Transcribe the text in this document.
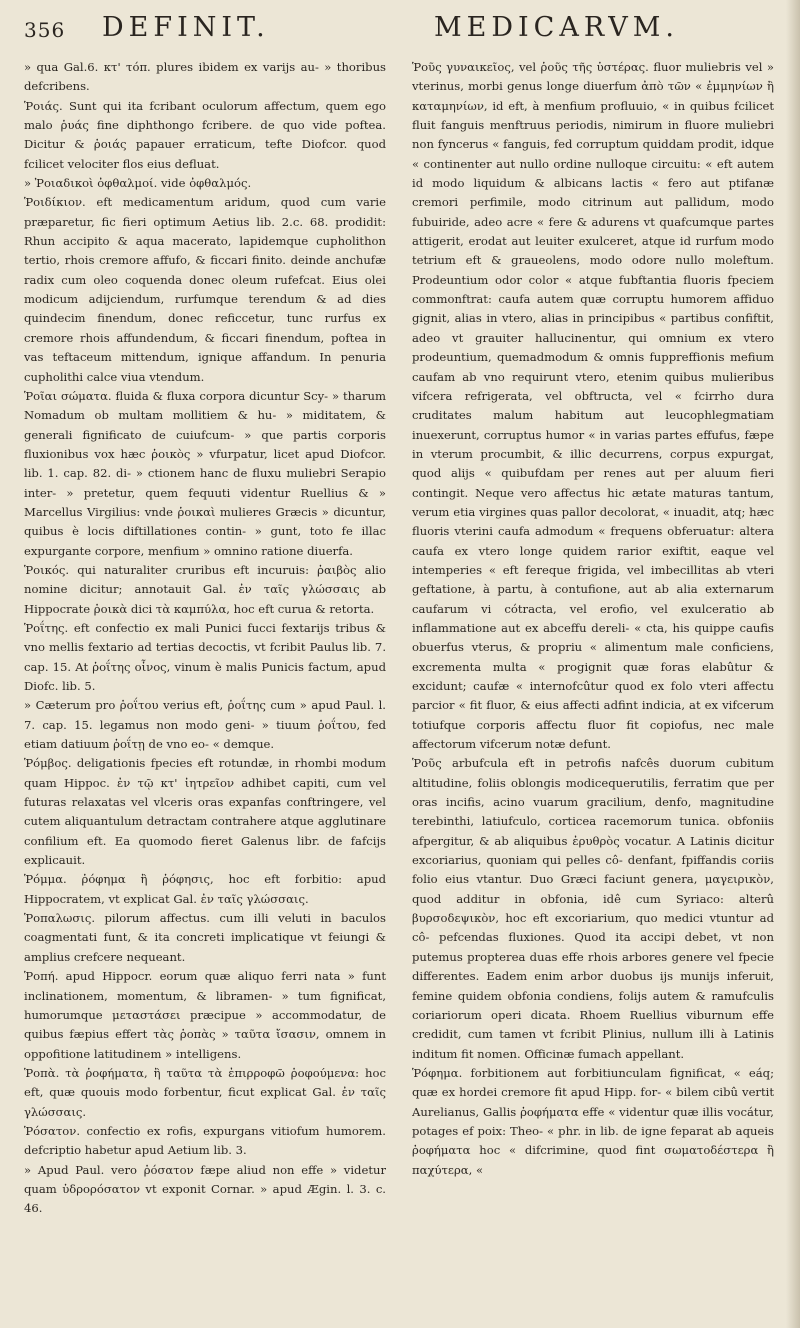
356 DEFINIT.	MEDICARVM.

» qua Gal.6. κτ' τόπ. plures ibidem ex varijs au- » thoribus defcribens.

Ῥοιάς. Sunt qui ita fcribant oculorum affectum, quem ego malo ῥυάς fine diphthongo fcribere. de quo vide poftea. Dicitur & ῥοιάς papauer erraticum, tefte Diofcor. quod fcilicet velociter flos eius defluat.

» Ῥοιαδικοὶ ὀφθαλμοί. vide ὀφθαλμός.

Ῥοιδίκιον. eft medicamentum aridum, quod cum varie præparetur, fic fieri optimum Aetius lib. 2.c. 68. prodidit: Rhun accipito & aqua macerato, lapidemque cupholithon tertio, rhois cremore affufo, & ficcari finito. deinde anchufæ radix cum oleo coquenda donec oleum rufefcat. Eius olei modicum adijciendum, rurfumque terendum & ad dies quindecim finendum, donec reficcetur, tunc rurfus ex cremore rhois affundendum, & ficcari finendum, poftea in vas teftaceum mittendum, ignique affandum. In penuria cupholithi calce viua vtendum.

Ῥοῖαι σώματα. fluida & fluxa corpora dicuntur Scy- » tharum Nomadum ob multam mollitiem & hu- » miditatem, & generali fignificato de cuiufcum- » que partis corporis fluxionibus vox hæc ῥοικὸς » vfurpatur, licet apud Diofcor. lib. 1. cap. 82. di- » ctionem hanc de fluxu muliebri Serapio inter- » pretetur, quem fequuti videntur Ruellius & » Marcellus Virgilius: vnde ῥοικαὶ mulieres Græcis » dicuntur, quibus è locis diftillationes contin- » gunt, toto fe illac expurgante corpore, menfium » omnino ratione diuerfa.

Ῥοικός. qui naturaliter cruribus eft incuruis: ῥαιβὸς alio nomine dicitur; annotauit Gal. ἐν ταῖς γλώσσαις ab Hippocrate ῥοικὰ dici τὰ καμπύλα, hoc eft curua & retorta.

Ῥοΐτης. eft confectio ex mali Punici fucci fextarijs tribus & vno mellis fextario ad tertias decoctis, vt fcribit Paulus lib. 7. cap. 15. At ῥοΐτης οἶνος, vinum è malis Punicis factum, apud Diofc. lib. 5.

» Cæterum pro ῥοΐτου verius eft, ῥοΐτης cum » apud Paul. l. 7. cap. 15. legamus non modo geni- » tiuum ῥοΐτου, fed etiam datiuum ῥοΐτῃ de vno eo- « demque.

Ῥόμβος. deligationis fpecies eft rotundæ, in rhombi modum quam Hippoc. ἐν τῷ κτ' ἰητρεῖον adhibet capiti, cum vel futuras relaxatas vel vlceris oras expanfas conftringere, vel cutem aliquantulum detractam contrahere atque agglutinare confilium eft. Ea quomodo fieret Galenus libr. de fafcijs explicauit.

Ῥόμμα. ῥόφημα ἢ ῥόφησις, hoc eft forbitio: apud Hippocratem, vt explicat Gal. ἐν ταῖς γλώσσαις.

Ῥοπαλωσις. pilorum affectus. cum illi veluti in baculos coagmentati funt, & ita concreti implicatique vt feiungi & amplius crefcere nequeant.

Ῥοπή. apud Hippocr. eorum quæ aliquo ferri nata » funt inclinationem, momentum, & libramen- » tum fignificat, humorumque μεταστάσει præcipue » accommodatur, de quibus fæpius effert τὰς ῥοπὰς » ταῦτα ἴσασιν, omnem in oppofitione latitudinem » intelligens.

Ῥοπὰ. τὰ ῥοφήματα, ἢ ταῦτα τὰ ἐπιρροφῶ ῥοφούμενα: hoc eft, quæ quouis modo forbentur, ficut explicat Gal. ἐν ταῖς γλώσσαις.

Ῥόσατον. confectio ex rofis, expurgans vitiofum humorem. defcriptio habetur apud Aetium lib. 3.

» Apud Paul. vero ῥόσατον fæpe aliud non effe » videtur quam ὑδρορόσατον vt exponit Cornar. » apud Ægin. l. 3. c. 46.

Ῥοῦς γυναικεῖος, vel ῥοῦς τῆς ὑστέρας. fluor muliebris vel » vterinus, morbi genus longe diuerfum ἀπὸ τῶν « ἐμμηνίων ἢ καταμηνίων, id eft, à menfium profluuio, « in quibus fcilicet fluit fanguis menftruus periodis, nimirum in fluore muliebri non fyncerus « fanguis, fed corruptum quiddam prodit, idque « continenter aut nullo ordine nulloque circuitu: « eft autem id modo liquidum & albicans lactis « fero aut ptifanæ cremori perfimile, modo citrinum aut pallidum, modo fubuiride, adeo acre « fere & adurens vt quafcumque partes attigerit, erodat aut leuiter exulceret, atque id rurfum modo tetrium eft & graueolens, modo odore nullo moleftum. Prodeuntium odor color « atque fubftantia fluoris fpeciem commonftrat: caufa autem quæ corruptu humorem affiduo gignit, alias in vtero, alias in principibus « partibus confiftit, adeo vt grauiter hallucinentur, qui omnium ex vtero prodeuntium, quemadmodum & omnis fuppreffionis mefium caufam ab vno requirunt vtero, etenim quibus mulieribus vifcera refrigerata, vel obftructa, vel « fcirrho dura cruditates malum habitum aut leucophlegmatiam inuexerunt, corruptus humor « in varias partes effufus, fæpe in vterum procumbit, & illic decurrens, corpus expurgat, quod alijs « quibufdam per renes aut per aluum fieri contingit. Neque vero affectus hic ætate maturas tantum, verum etia virgines quas pallor decolorat, « inuadit, atq; hæc fluoris vterini caufa admodum « frequens obferuatur: altera caufa ex vtero longe quidem rarior exiftit, eaque vel intemperies « eft fereque frigida, vel imbecillitas ab vteri geftatione, à partu, à contufione, aut ab alia externarum caufarum vi cótracta, vel erofio, vel exulceratio ab inflammatione aut ex abceffu dereli- « cta, his quippe caufis obuerfus vterus, & propriu « alimentum male conficiens, excrementa multa « progignit quæ foras elabûtur & excidunt; caufæ « internofcûtur quod ex folo vteri affectu parcior « fit fluor, & eius affecti adfint indicia, at ex vifcerum totiufque corporis affectu fluor fit copiofus, nec male affectorum vifcerum notæ defunt.

Ῥοῦς arbufcula eft in petrofis nafcês duorum cubitum altitudine, foliis oblongis modicequerutilis, ferratim que per oras incifis, acino vuarum gracilium, denfo, magnitudine terebinthi, latiufculo, corticea racemorum tunica. obfoniis afpergitur, & ab aliquibus ἐρυθρὸς vocatur. A Latinis dicitur excoriarius, quoniam qui pelles cô- denfant, fpiffandis coriis folio eius vtantur. Duo Græci faciunt genera, μαγειρικὸν, quod additur in obfonia, idê cum Syriaco: alterû βυρσοδεψικὸν, hoc eft excoriarium, quo medici vtuntur ad cô- pefcendas fluxiones. Quod ita accipi debet, vt non putemus propterea duas effe rhois arbores genere vel fpecie differentes. Eadem enim arbor duobus ijs munijs inferuit, femine quidem obfonia condiens, folijs autem & ramufculis coriariorum operi dicata. Rhoem Ruellius viburnum effe credidit, cum tamen vt fcribit Plinius, nullum illi à Latinis inditum fit nomen. Officinæ fumach appellant.

Ῥόφημα. forbitionem aut forbitiunculam fignificat, « eáq; quæ ex hordei cremore fit apud Hipp. for- « bilem cibû vertit Aurelianus, Gallis ῥοφήματα effe « videntur quæ illis vocátur, potages ef poix: Theo- « phr. in lib. de igne feparat ab aqueis ῥοφήματα hoc « difcrimine, quod fint σωματοδέστερα ἢ παχύτερα, «
